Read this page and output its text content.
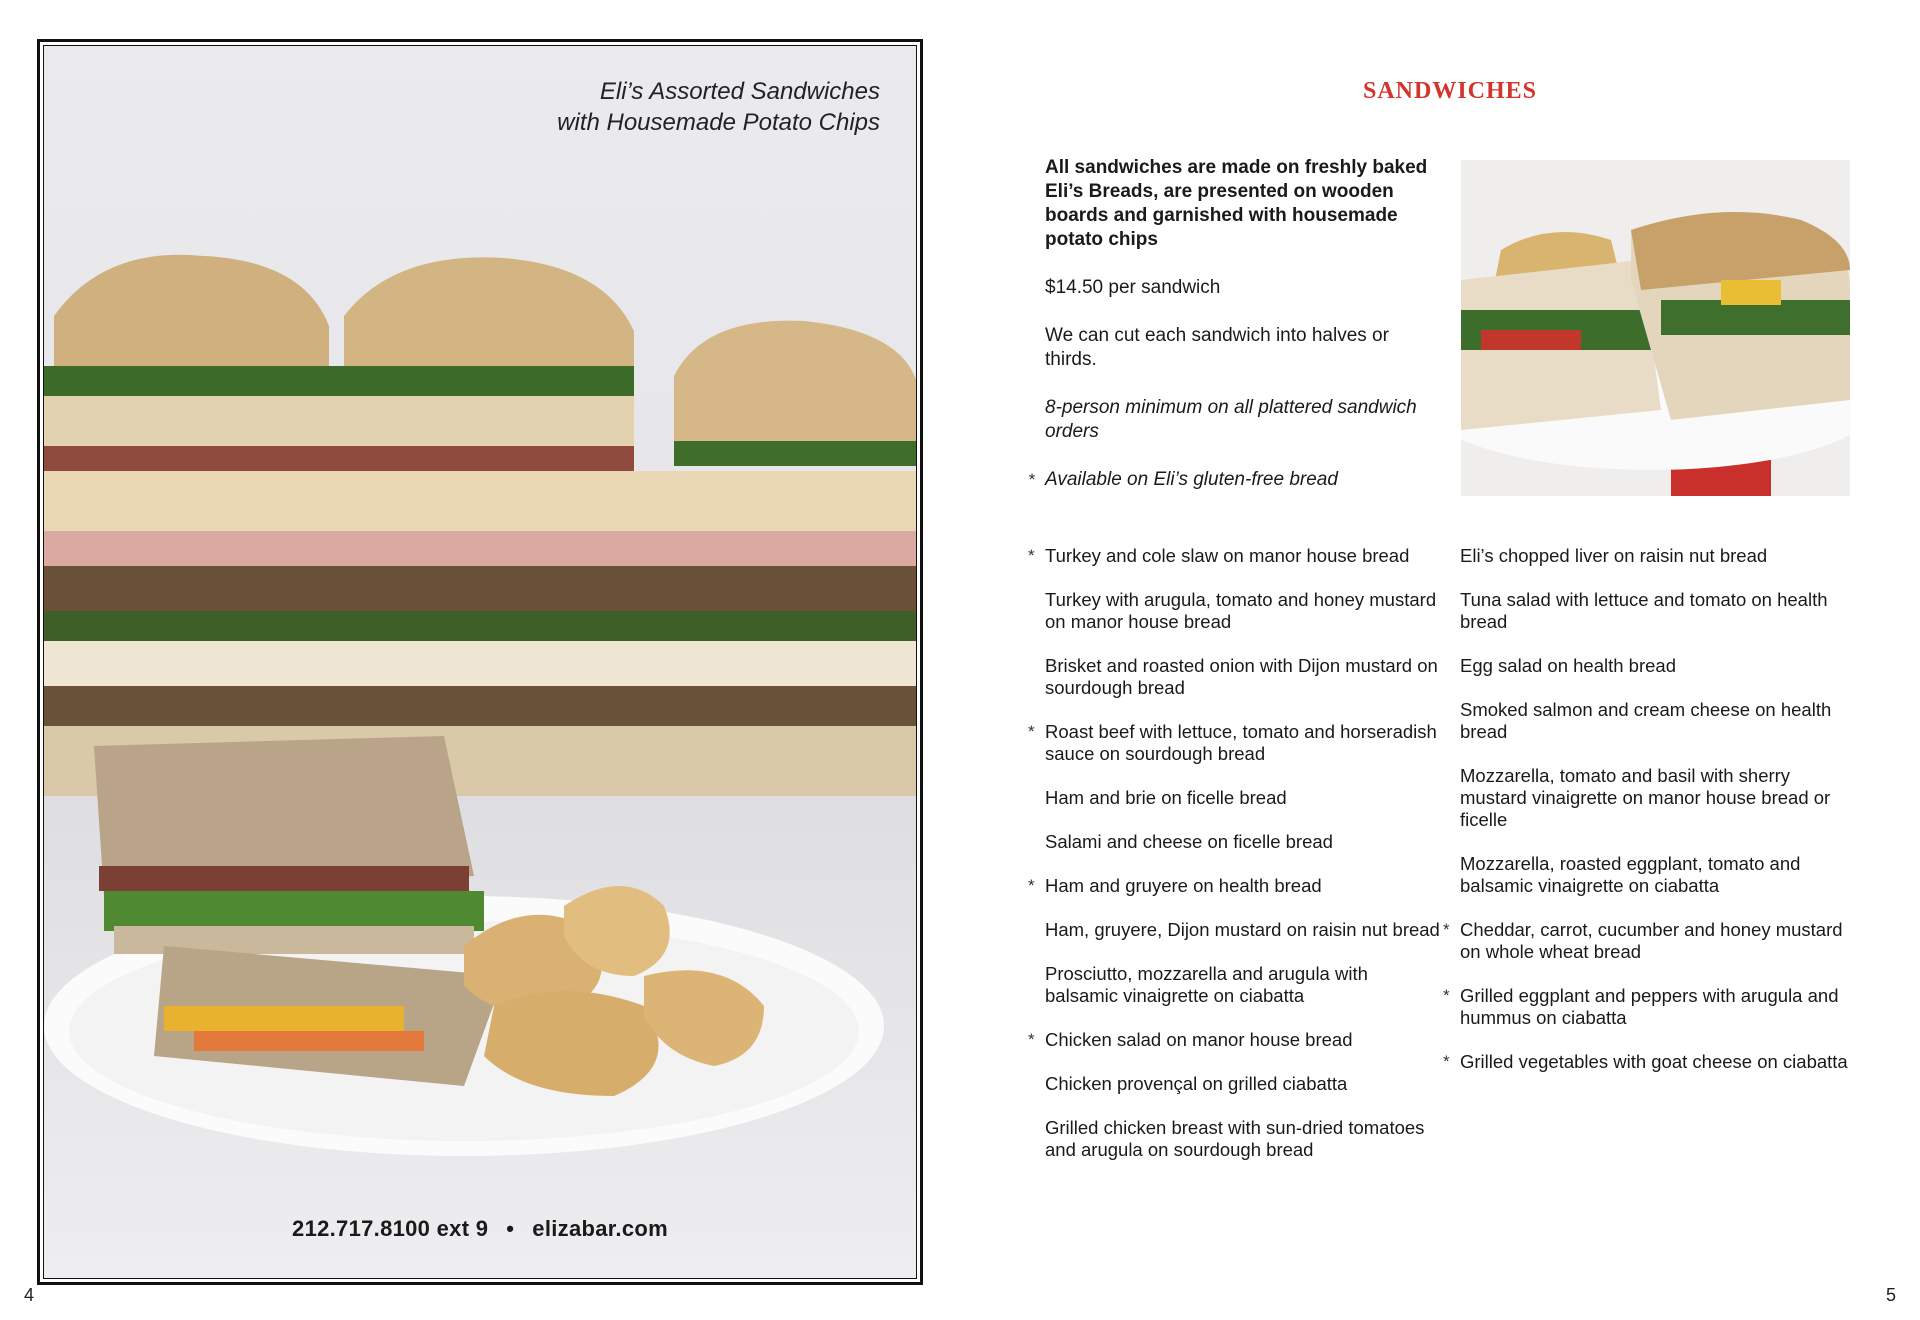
Eli’s Assorted Sandwiches
with Housemade Potato Chips
212.717.8100 ext 9 • elizabar.com
4
SANDWICHES

All sandwiches are made on freshly baked Eli’s Breads, are presented on wooden boards and garnished with housemade potato chips

$14.50 per sandwich

We can cut each sandwich into halves or thirds.

8-person minimum on all plattered sandwich orders

* Available on Eli’s gluten-free bread

* Turkey and cole slaw on manor house bread
Turkey with arugula, tomato and honey mustard on manor house bread
Brisket and roasted onion with Dijon mustard on sourdough bread
* Roast beef with lettuce, tomato and horseradish sauce on sourdough bread
Ham and brie on ficelle bread
Salami and cheese on ficelle bread
* Ham and gruyere on health bread
Ham, gruyere, Dijon mustard on raisin nut bread
Prosciutto, mozzarella and arugula with balsamic vinaigrette on ciabatta
* Chicken salad on manor house bread
Chicken provençal on grilled ciabatta
Grilled chicken breast with sun-dried tomatoes and arugula on sourdough bread
Eli’s chopped liver on raisin nut bread
Tuna salad with lettuce and tomato on health bread
Egg salad on health bread
Smoked salmon and cream cheese on health bread
Mozzarella, tomato and basil with sherry mustard vinaigrette on manor house bread or ficelle
Mozzarella, roasted eggplant, tomato and balsamic vinaigrette on ciabatta
* Cheddar, carrot, cucumber and honey mustard on whole wheat bread
* Grilled eggplant and peppers with arugula and hummus on ciabatta
* Grilled vegetables with goat cheese on ciabatta
5
